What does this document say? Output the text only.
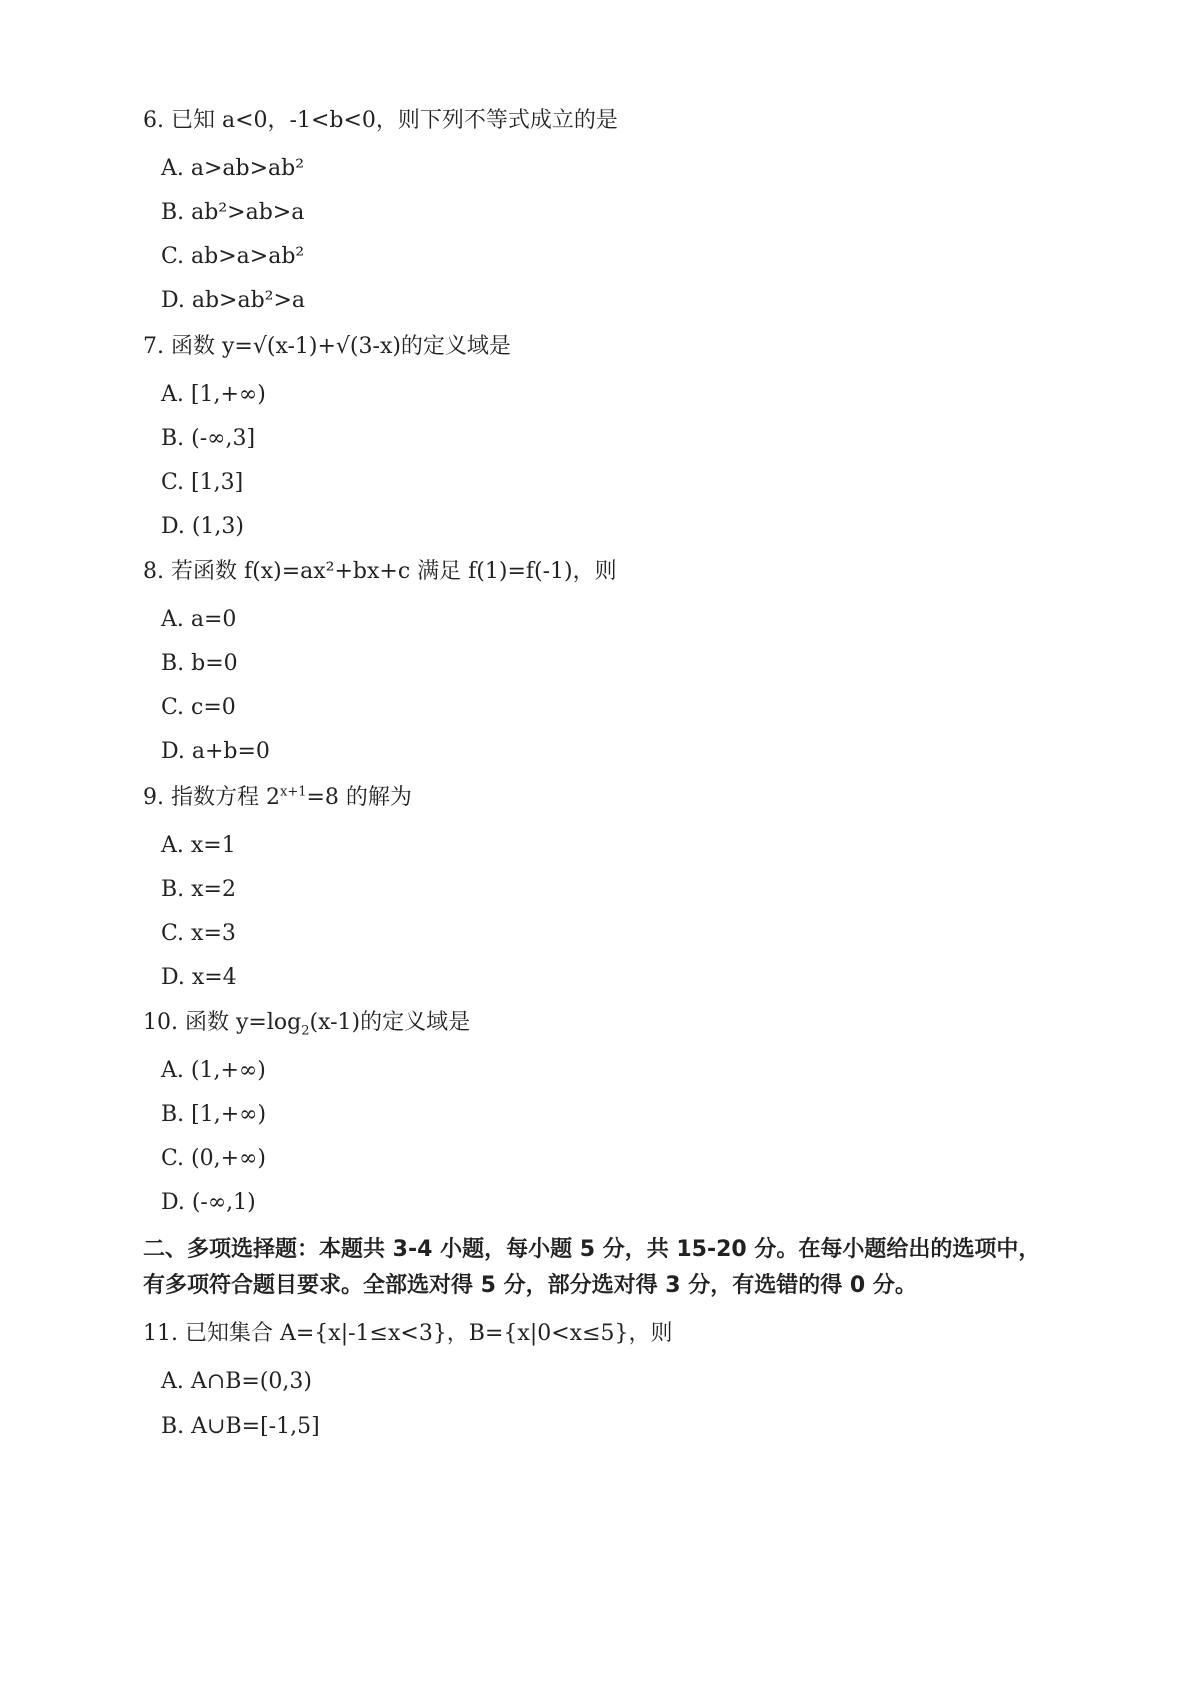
6. 已知 a<0，-1<b<0，则下列不等式成立的是
A. a>ab>ab²
B. ab²>ab>a
C. ab>a>ab²
D. ab>ab²>a
7. 函数 y=√(x-1)+√(3-x)的定义域是
A. [1,+∞)
B. (-∞,3]
C. [1,3]
D. (1,3)
8. 若函数 f(x)=ax²+bx+c 满足 f(1)=f(-1)，则
A. a=0
B. b=0
C. c=0
D. a+b=0
9. 指数方程 $2^{x+1}=8$ 的解为
A. x=1
B. x=2
C. x=3
D. x=4
10. 函数 $y=\log_2(x-1)$的定义域是
A. (1,+∞)
B. [1,+∞)
C. (0,+∞)
D. (-∞,1)
二、多项选择题：本题共 3-4 小题，每小题 5 分，共 15-20 分。在每小题给出的选项中，有多项符合题目要求。全部选对得 5 分，部分选对得 3 分，有选错的得 0 分。
11. 已知集合 A={x|-1≤x<3}，B={x|0<x≤5}，则
A. A∩B=(0,3)
B. A∪B=[-1,5]
